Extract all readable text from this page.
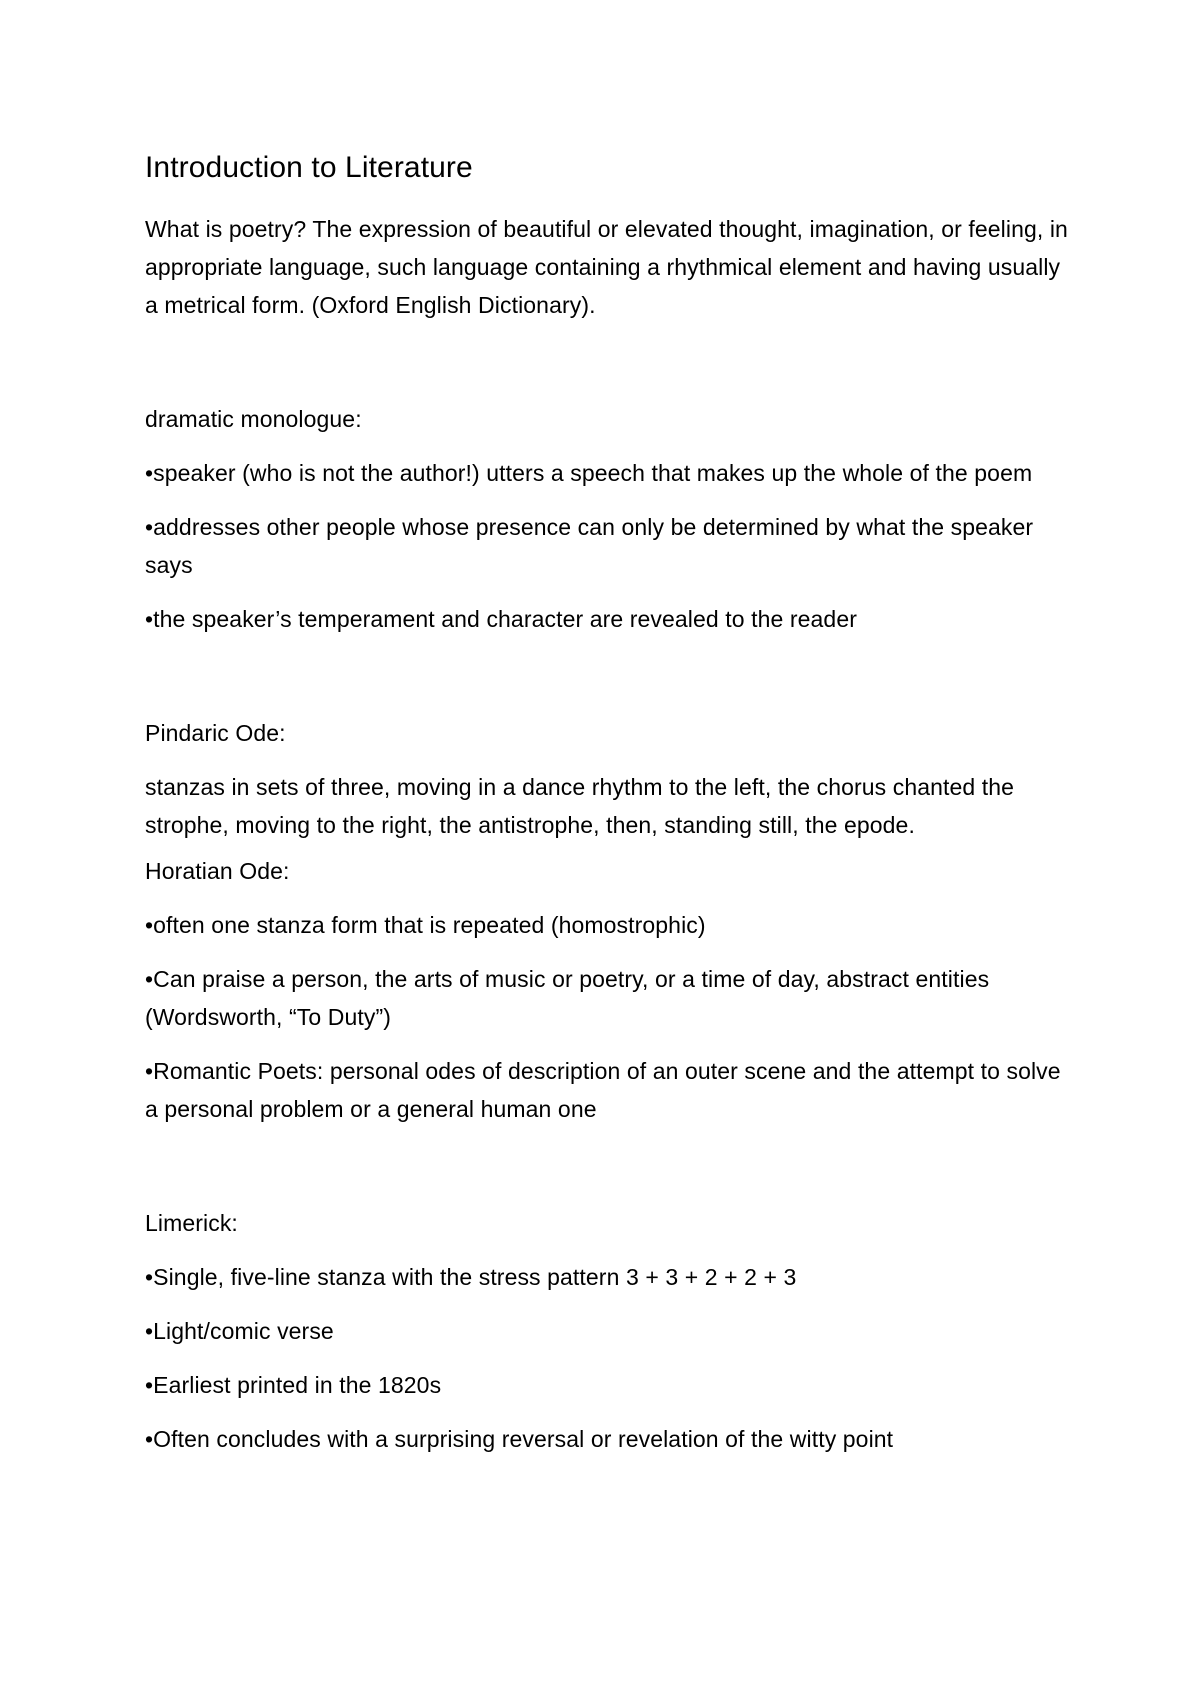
Introduction to Literature
What is poetry? The expression of beautiful or elevated thought, imagination, or feeling, in appropriate language, such language containing a rhythmical element and having usually a metrical form. (Oxford English Dictionary).
dramatic monologue:
•speaker (who is not the author!) utters a speech that makes up the whole of the poem
•addresses other people whose presence can only be determined by what the speaker says
•the speaker’s temperament and character are revealed to the reader
Pindaric Ode:
stanzas in sets of three, moving in a dance rhythm to the left, the chorus chanted the strophe, moving to the right, the antistrophe, then, standing still, the epode.
Horatian Ode:
•often one stanza form that is repeated (homostrophic)
•Can praise a person, the arts of music or poetry, or a time of day, abstract entities (Wordsworth, “To Duty”)
•Romantic Poets: personal odes of description of an outer scene and the attempt to solve a personal problem or a general human one
Limerick:
•Single, five-line stanza with the stress pattern 3 + 3 + 2 + 2 + 3
•Light/comic verse
•Earliest printed in the 1820s
•Often concludes with a surprising reversal or revelation of the witty point
